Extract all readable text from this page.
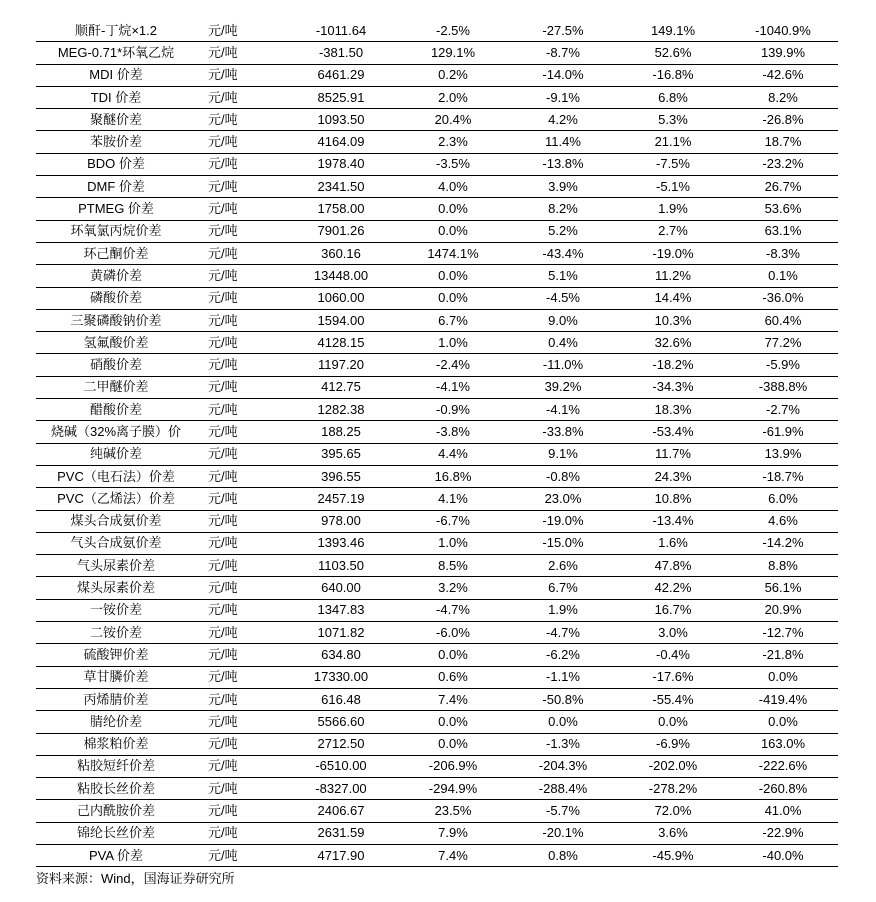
顺酐-丁烷×1.2	元/吨	-1011.64	-2.5%	-27.5%	149.1%	-1040.9%
MEG-0.71*环氧乙烷	元/吨	-381.50	129.1%	-8.7%	52.6%	139.9%
MDI 价差	元/吨	6461.29	0.2%	-14.0%	-16.8%	-42.6%
TDI 价差	元/吨	8525.91	2.0%	-9.1%	6.8%	8.2%
聚醚价差	元/吨	1093.50	20.4%	4.2%	5.3%	-26.8%
苯胺价差	元/吨	4164.09	2.3%	11.4%	21.1%	18.7%
BDO 价差	元/吨	1978.40	-3.5%	-13.8%	-7.5%	-23.2%
DMF 价差	元/吨	2341.50	4.0%	3.9%	-5.1%	26.7%
PTMEG 价差	元/吨	1758.00	0.0%	8.2%	1.9%	53.6%
环氧氯丙烷价差	元/吨	7901.26	0.0%	5.2%	2.7%	63.1%
环己酮价差	元/吨	360.16	1474.1%	-43.4%	-19.0%	-8.3%
黄磷价差	元/吨	13448.00	0.0%	5.1%	11.2%	0.1%
磷酸价差	元/吨	1060.00	0.0%	-4.5%	14.4%	-36.0%
三聚磷酸钠价差	元/吨	1594.00	6.7%	9.0%	10.3%	60.4%
氢氟酸价差	元/吨	4128.15	1.0%	0.4%	32.6%	77.2%
硝酸价差	元/吨	1197.20	-2.4%	-11.0%	-18.2%	-5.9%
二甲醚价差	元/吨	412.75	-4.1%	39.2%	-34.3%	-388.8%
醋酸价差	元/吨	1282.38	-0.9%	-4.1%	18.3%	-2.7%
烧碱（32%离子膜）价	元/吨	188.25	-3.8%	-33.8%	-53.4%	-61.9%
纯碱价差	元/吨	395.65	4.4%	9.1%	11.7%	13.9%
PVC（电石法）价差	元/吨	396.55	16.8%	-0.8%	24.3%	-18.7%
PVC（乙烯法）价差	元/吨	2457.19	4.1%	23.0%	10.8%	6.0%
煤头合成氨价差	元/吨	978.00	-6.7%	-19.0%	-13.4%	4.6%
气头合成氨价差	元/吨	1393.46	1.0%	-15.0%	1.6%	-14.2%
气头尿素价差	元/吨	1103.50	8.5%	2.6%	47.8%	8.8%
煤头尿素价差	元/吨	640.00	3.2%	6.7%	42.2%	56.1%
一铵价差	元/吨	1347.83	-4.7%	1.9%	16.7%	20.9%
二铵价差	元/吨	1071.82	-6.0%	-4.7%	3.0%	-12.7%
硫酸钾价差	元/吨	634.80	0.0%	-6.2%	-0.4%	-21.8%
草甘膦价差	元/吨	17330.00	0.6%	-1.1%	-17.6%	0.0%
丙烯腈价差	元/吨	616.48	7.4%	-50.8%	-55.4%	-419.4%
腈纶价差	元/吨	5566.60	0.0%	0.0%	0.0%	0.0%
棉浆粕价差	元/吨	2712.50	0.0%	-1.3%	-6.9%	163.0%
粘胶短纤价差	元/吨	-6510.00	-206.9%	-204.3%	-202.0%	-222.6%
粘胶长丝价差	元/吨	-8327.00	-294.9%	-288.4%	-278.2%	-260.8%
己内酰胺价差	元/吨	2406.67	23.5%	-5.7%	72.0%	41.0%
锦纶长丝价差	元/吨	2631.59	7.9%	-20.1%	3.6%	-22.9%
PVA 价差	元/吨	4717.90	7.4%	0.8%	-45.9%	-40.0%
资料来源：Wind，国海证券研究所
